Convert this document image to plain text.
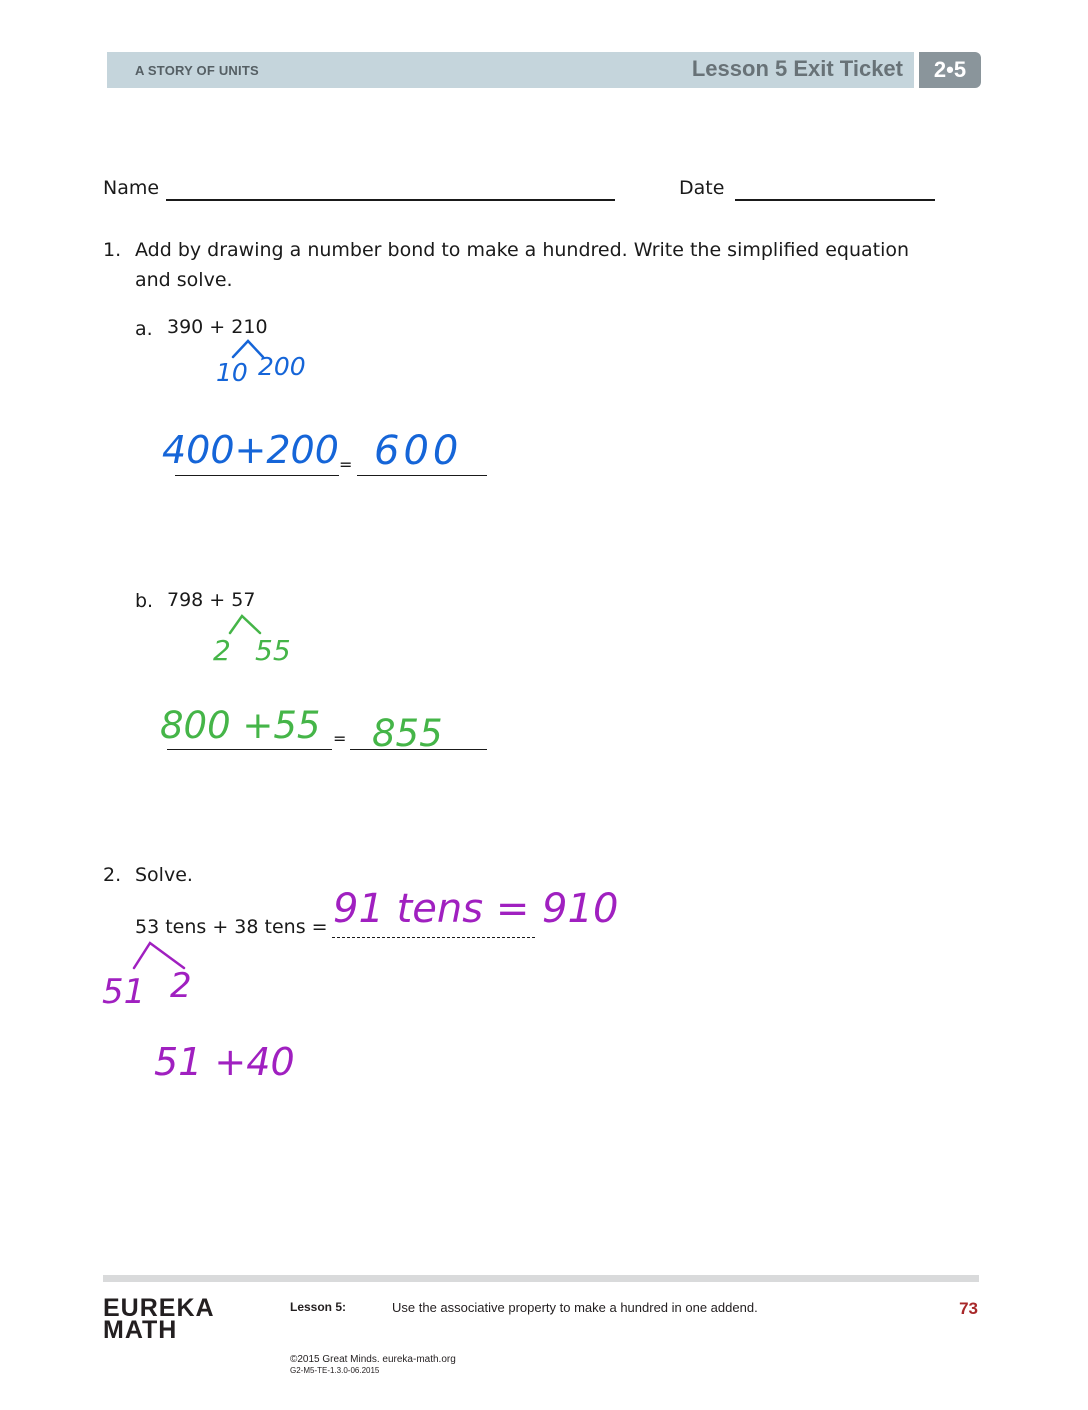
A STORY OF UNITS	Lesson 5 Exit Ticket	2•5
Name	Date
1. Add by drawing a number bond to make a hundred. Write the simplified equation
and solve.
a. 390 + 210
10 200
400+200 = 600
b. 798 + 57
2 55
800 +55 = 855
2. Solve.
53 tens + 38 tens = 91 tens = 910
51 2
51 +40
EUREKA
MATH
Lesson 5:	Use the associative property to make a hundred in one addend.	73
©2015 Great Minds. eureka-math.org
G2-M5-TE-1.3.0-06.2015
